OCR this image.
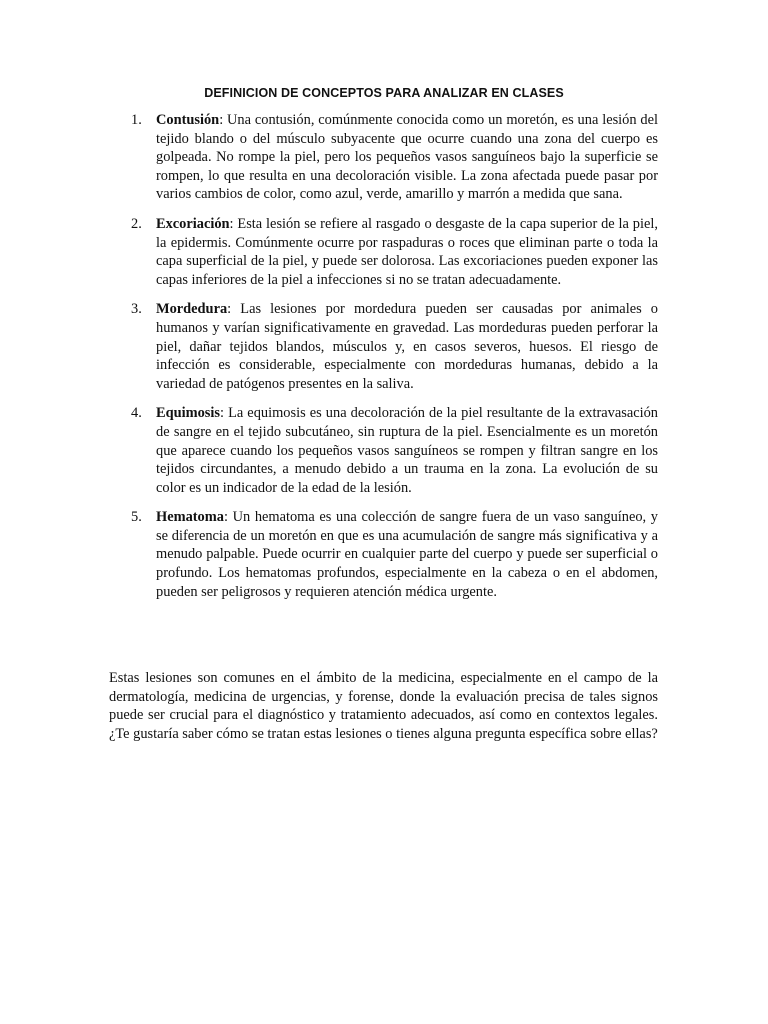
DEFINICION DE CONCEPTOS PARA ANALIZAR EN CLASES
1. Contusión: Una contusión, comúnmente conocida como un moretón, es una lesión del tejido blando o del músculo subyacente que ocurre cuando una zona del cuerpo es golpeada. No rompe la piel, pero los pequeños vasos sanguíneos bajo la superficie se rompen, lo que resulta en una decoloración visible. La zona afectada puede pasar por varios cambios de color, como azul, verde, amarillo y marrón a medida que sana.
2. Excoriación: Esta lesión se refiere al rasgado o desgaste de la capa superior de la piel, la epidermis. Comúnmente ocurre por raspaduras o roces que eliminan parte o toda la capa superficial de la piel, y puede ser dolorosa. Las excoriaciones pueden exponer las capas inferiores de la piel a infecciones si no se tratan adecuadamente.
3. Mordedura: Las lesiones por mordedura pueden ser causadas por animales o humanos y varían significativamente en gravedad. Las mordeduras pueden perforar la piel, dañar tejidos blandos, músculos y, en casos severos, huesos. El riesgo de infección es considerable, especialmente con mordeduras humanas, debido a la variedad de patógenos presentes en la saliva.
4. Equimosis: La equimosis es una decoloración de la piel resultante de la extravasación de sangre en el tejido subcutáneo, sin ruptura de la piel. Esencialmente es un moretón que aparece cuando los pequeños vasos sanguíneos se rompen y filtran sangre en los tejidos circundantes, a menudo debido a un trauma en la zona. La evolución de su color es un indicador de la edad de la lesión.
5. Hematoma: Un hematoma es una colección de sangre fuera de un vaso sanguíneo, y se diferencia de un moretón en que es una acumulación de sangre más significativa y a menudo palpable. Puede ocurrir en cualquier parte del cuerpo y puede ser superficial o profundo. Los hematomas profundos, especialmente en la cabeza o en el abdomen, pueden ser peligrosos y requieren atención médica urgente.

Estas lesiones son comunes en el ámbito de la medicina, especialmente en el campo de la dermatología, medicina de urgencias, y forense, donde la evaluación precisa de tales signos puede ser crucial para el diagnóstico y tratamiento adecuados, así como en contextos legales. ¿Te gustaría saber cómo se tratan estas lesiones o tienes alguna pregunta específica sobre ellas?
